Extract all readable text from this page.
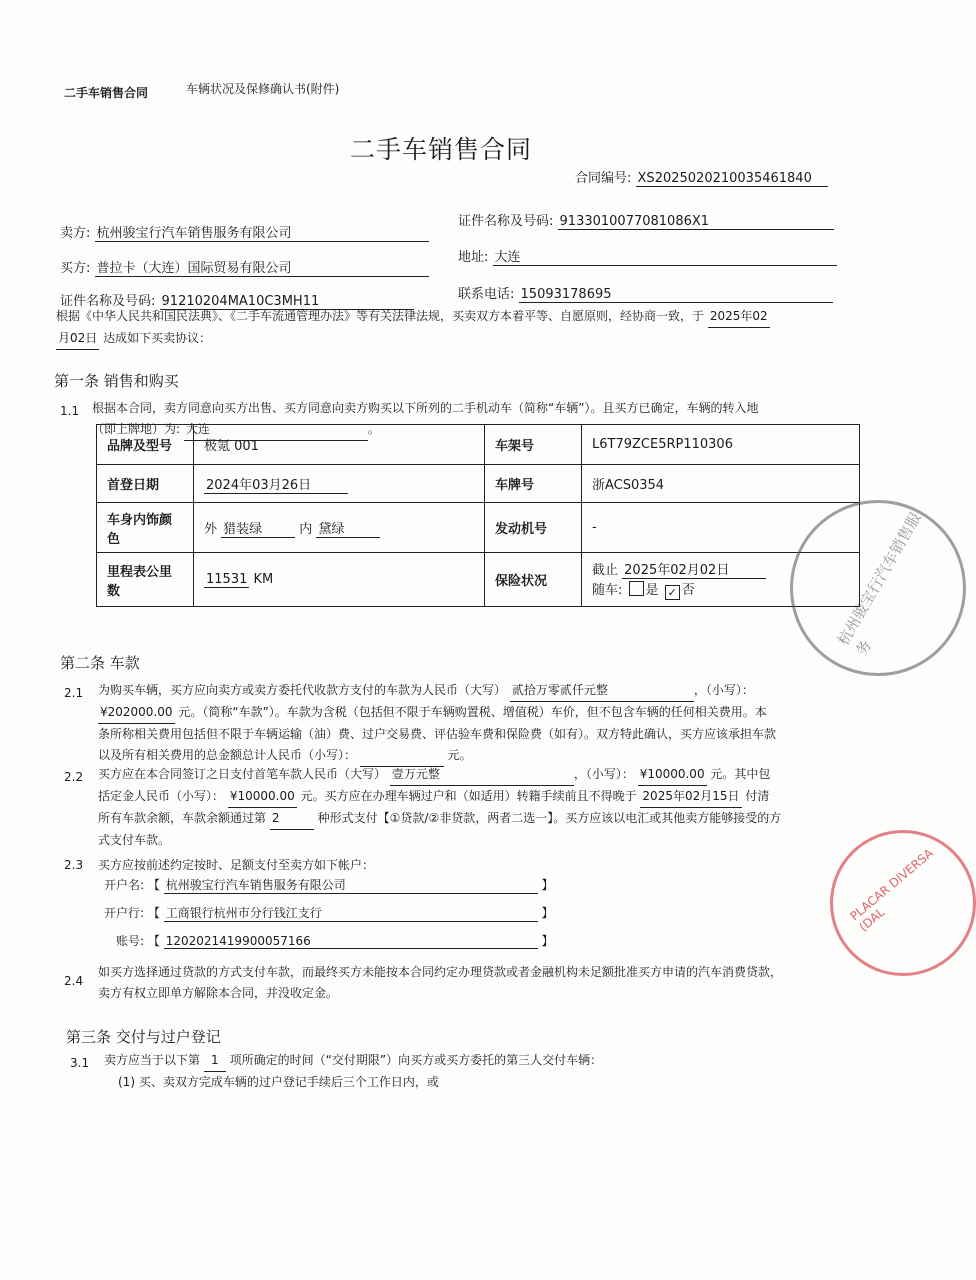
二手车销售合同	车辆状况及保修确认书(附件)
二手车销售合同
合同编号: XS2025020210035461840
卖方: 杭州骏宝行汽车销售服务有限公司
证件名称及号码: 9133010077081086X1
买方: 普拉卡（大连）国际贸易有限公司
地址: 大连
证件名称及号码: 91210204MA10C3MH11	联系电话: 15093178695
根据《中华人民共和国民法典》、《二手车流通管理办法》等有关法律法规，买卖双方本着平等、自愿原则，经协商一致，于 2025年02
月02日 达成如下买卖协议：
第一条 销售和购买
1.1 根据本合同，卖方同意向买方出售、买方同意向卖方购买以下所列的二手机动车（简称“车辆”）。且买方已确定，车辆的转入地
（即上牌地）为: 大连	。
品牌及型号	极氪 001	车架号	L6T79ZCE5RP110306
首登日期	2024年03月26日	车牌号	浙ACS0354
车身内饰颜色	外 猎装绿 内 黛绿	发动机号	-
里程表公里数	11531 KM	保险状况	截止 2025年02月02日
随车: 是 ✓ 否
第二条 车款
2.1 为购买车辆，买方应向卖方或卖方委托代收款方支付的车款为人民币（大写） 贰拾万零贰仟元整	，（小写）：
¥202000.00 元。（简称“车款”）。车款为含税（包括但不限于车辆购置税、增值税）车价，但不包含车辆的任何相关费用。本
条所称相关费用包括但不限于车辆运输（油）费、过户交易费、评估验车费和保险费（如有）。双方特此确认，买方应该承担车款
以及所有相关费用的总金额总计人民币（小写）：	元。
2.2 买方应在本合同签订之日支付首笔车款人民币（大写） 壹万元整	，（小写）： ¥10000.00 元。其中包
括定金人民币（小写）： ¥10000.00 元。买方应在办理车辆过户和（如适用）转籍手续前且不得晚于 2025年02月15日 付清
所有车款余额，车款余额通过第 2	种形式支付【①贷款/②非贷款，两者二选一】。买方应该以电汇或其他卖方能够接受的方
式支付车款。
2.3 买方应按前述约定按时、足额支付至卖方如下帐户：
开户名: 【 杭州骏宝行汽车销售服务有限公司	】
开户行: 【 工商银行杭州市分行钱江支行	】
账号: 【 1202021419900057166	】
2.4
如买方选择通过贷款的方式支付车款，而最终买方未能按本合同约定办理贷款或者金融机构未足额批准买方申请的汽车消费贷款，
卖方有权立即单方解除本合同，并没收定金。
第三条 交付与过户登记
3.1 卖方应当于以下第 1 项所确定的时间（“交付期限”）向买方或买方委托的第三人交付车辆：
(1) 买、卖双方完成车辆的过户登记手续后三个工作日内，或
杭州骏宝行汽车销售服务
PLACAR DIVERSA (DAL
